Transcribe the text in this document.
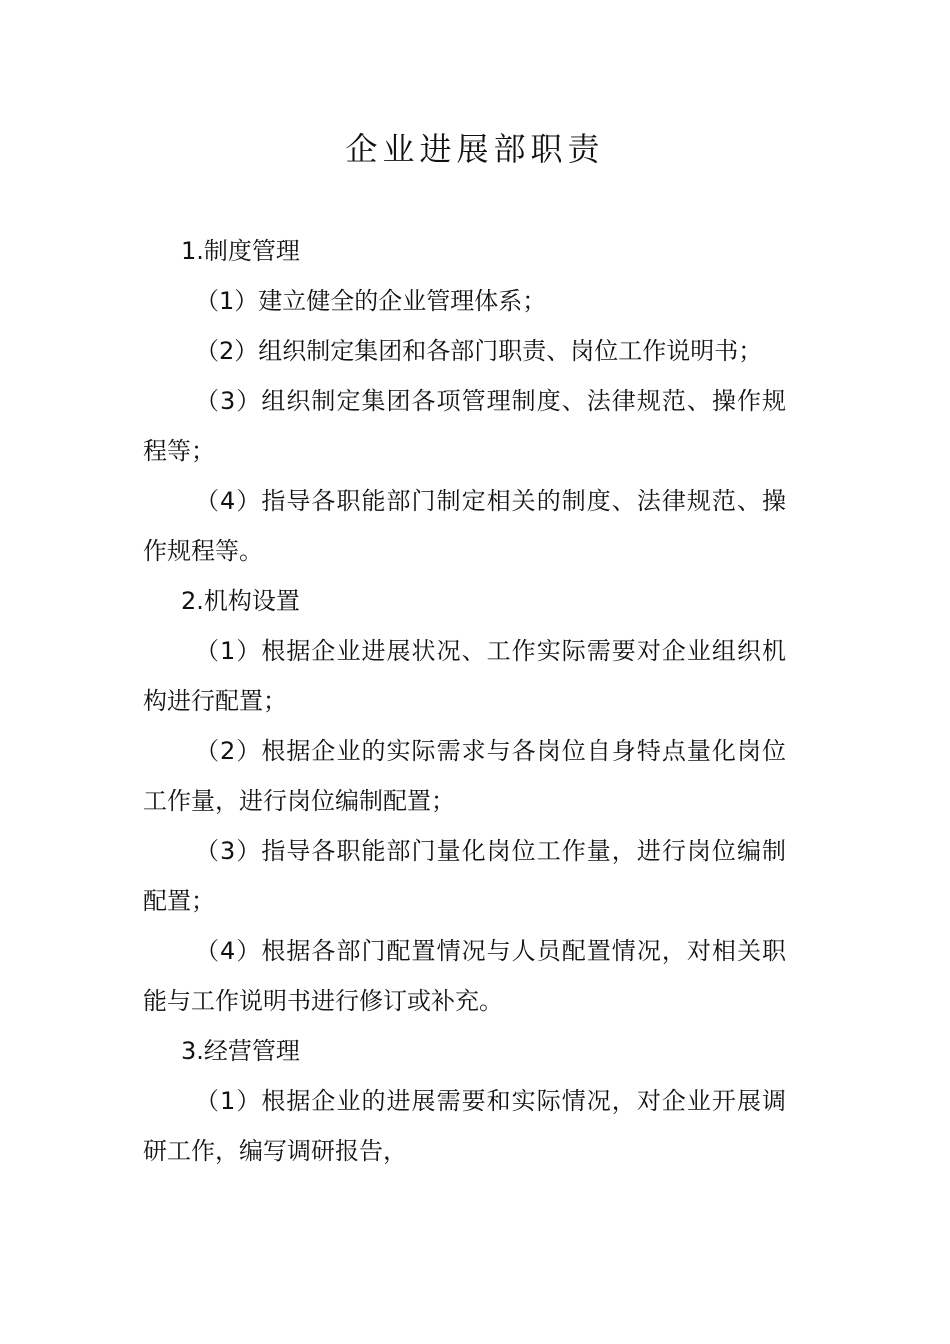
企业进展部职责

1.制度管理

（1）建立健全的企业管理体系；

（2）组织制定集团和各部门职责、岗位工作说明书；

（3）组织制定集团各项管理制度、法律规范、操作规程等；

（4）指导各职能部门制定相关的制度、法律规范、操作规程等。

2.机构设置

（1）根据企业进展状况、工作实际需要对企业组织机构进行配置；

（2）根据企业的实际需求与各岗位自身特点量化岗位工作量，进行岗位编制配置；

（3）指导各职能部门量化岗位工作量，进行岗位编制配置；

（4）根据各部门配置情况与人员配置情况，对相关职能与工作说明书进行修订或补充。

3.经营管理

（1）根据企业的进展需要和实际情况，对企业开展调研工作，编写调研报告，
